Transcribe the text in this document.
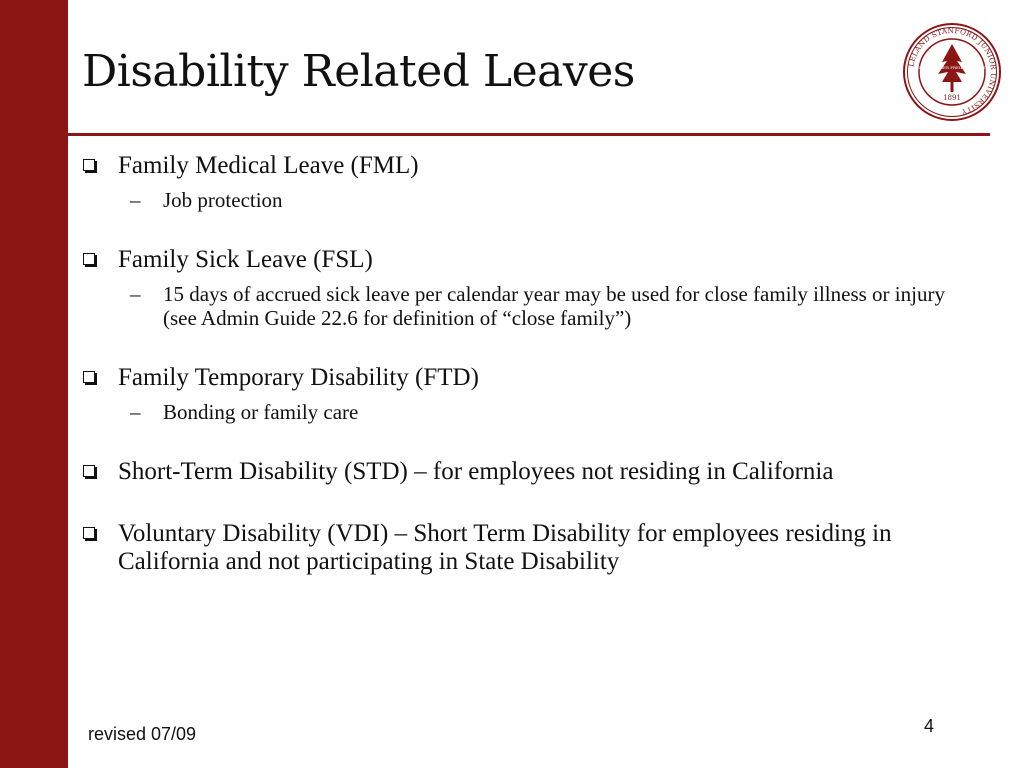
Disability Related Leaves	LELAND STANFORD JUNIOR UNIVERSITY
DIE LUFT DER FREIHEIT WEHT
1891
Family Medical Leave (FML)
– Job protection
Family Sick Leave (FSL)
– 15 days of accrued sick leave per calendar year may be used for close family illness or injury (see Admin Guide 22.6 for definition of “close family”)
Family Temporary Disability (FTD)
– Bonding or family care
Short-Term Disability (STD) – for employees not residing in California
Voluntary Disability (VDI) – Short Term Disability for employees residing in California and not participating in State Disability
revised 07/09	4
